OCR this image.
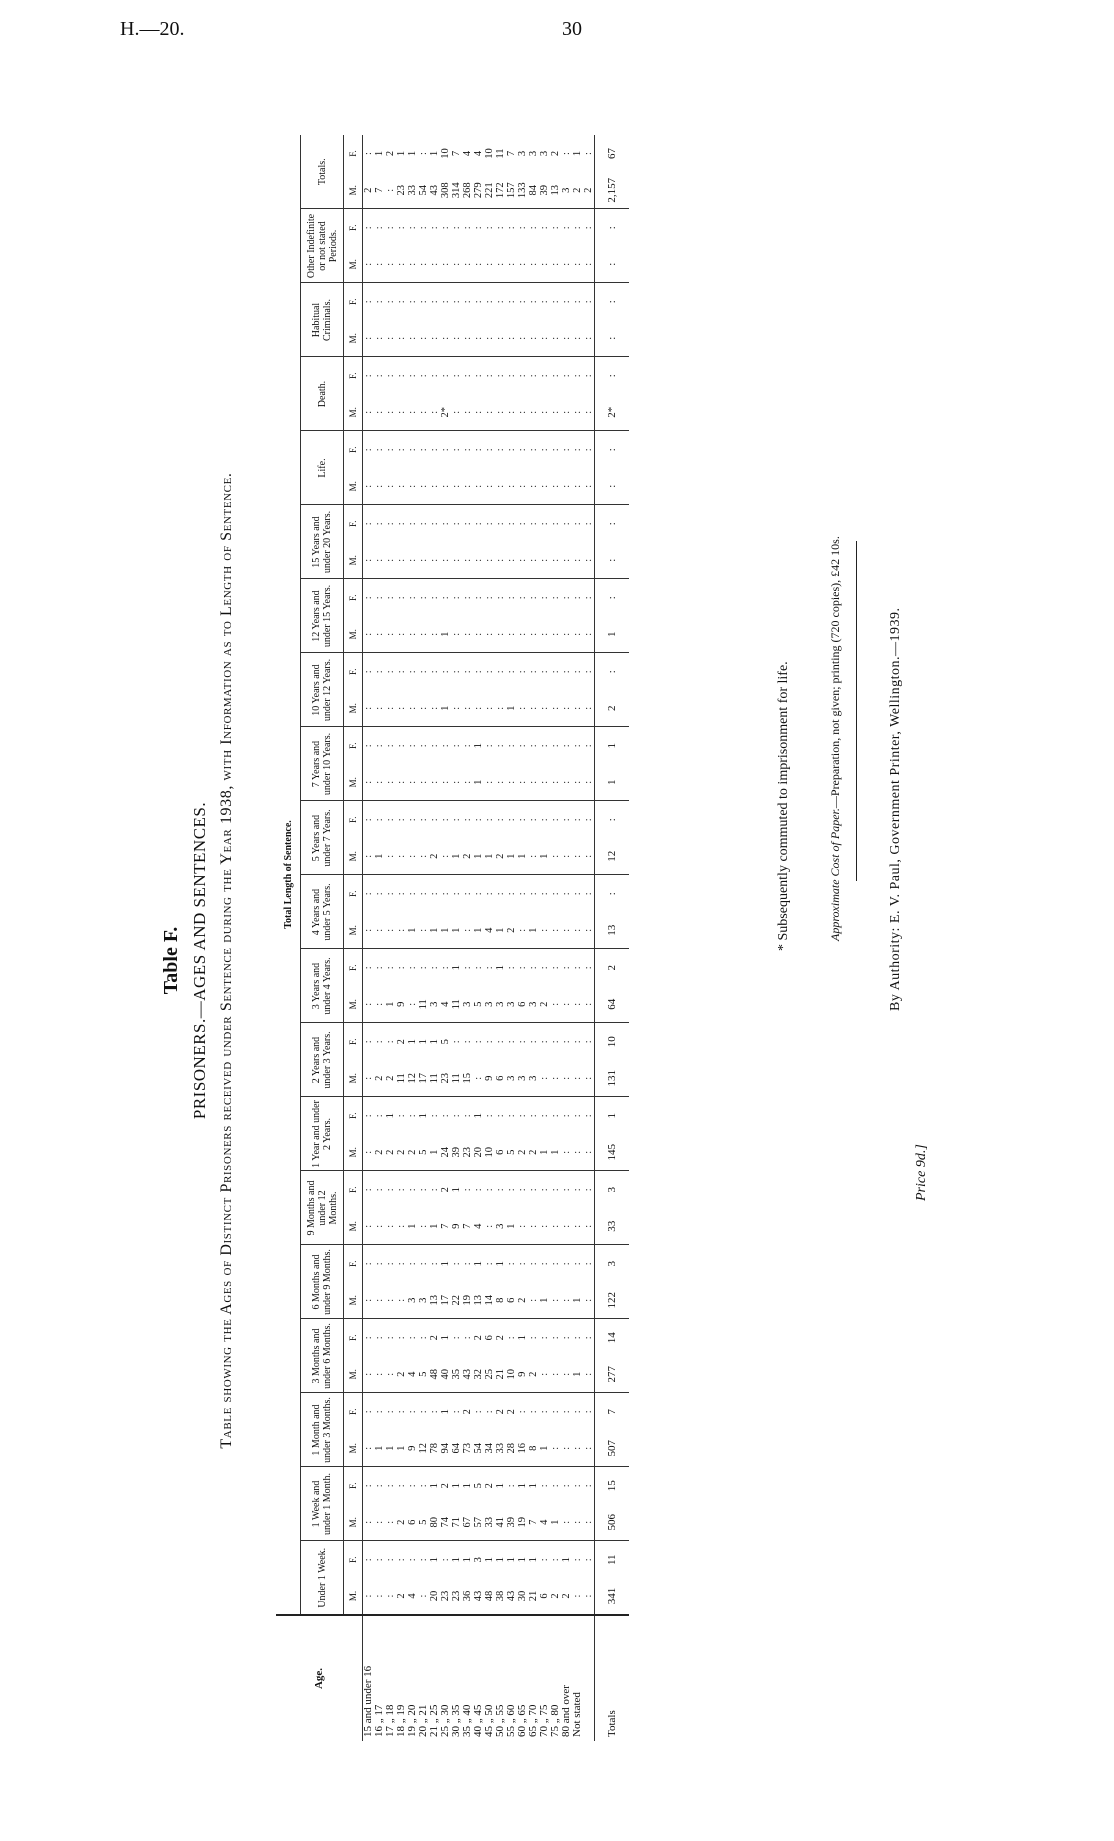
H.—20.	30
Table F. PRISONERS.—AGES AND SENTENCES. Table showing the Ages of Distinct Prisoners received under Sentence during the Year 1938, with Information as to Length of Sentence.
Age.	Total Length of Sentence.																																							
	Under 1 Week.		1 Week and under 1 Month.		1 Month and under 3 Months.		3 Months and under 6 Months.		6 Months and under 9 Months.		9 Months and under 12 Months.		1 Year and under 2 Years.		2 Years and under 3 Years.		3 Years and under 4 Years.		4 Years and under 5 Years.		5 Years and under 7 Years.		7 Years and under 10 Years.		10 Years and under 12 Years.		12 Years and under 15 Years.		15 Years and under 20 Years.		Life.		Death.		Habitual Criminals.		Other Indefinite or not stated Periods.		Totals.	
	M.	F.	M.	F.	M.	F.	M.	F.	M.	F.	M.	F.	M.	F.	M.	F.	M.	F.	M.	F.	M.	F.	M.	F.	M.	F.	M.	F.	M.	F.	M.	F.	M.	F.	M.	F.	M.	F.	M.	F.
15 and under 16	:	:	:	:	:	:	:	:	:	:	:	:	:	:	:	:	:	:	:	:	:	:	:	:	:	:	:	:	:	:	:	:	:	:	:	:	:	:	2	:
16 „ 17	:	:	:	:	1	:	:	:	:	:	:	:	2	:	2	:	:	:	:	:	1	:	:	:	:	:	:	:	:	:	:	:	:	:	:	:	:	:	7	1
17 „ 18	:	:	:	:	1	:	:	:	:	:	:	:	2	1	2	:	1	:	:	:	:	:	:	:	:	:	:	:	:	:	:	:	:	:	:	:	:	:	:	2
18 „ 19	2	:	2	:	1	:	2	:	:	:	:	:	2	:	11	2	9	:	:	:	:	:	:	:	:	:	:	:	:	:	:	:	:	:	:	:	:	:	23	1
19 „ 20	4	:	6	:	9	:	4	:	3	:	1	:	2	:	12	1	:	:	1	:	:	:	:	:	:	:	:	:	:	:	:	:	:	:	:	:	:	:	33	1
20 „ 21	:	:	5	:	12	:	5	:	3	:	:	:	5	1	17	1	11	:	:	:	:	:	:	:	:	:	:	:	:	:	:	:	:	:	:	:	:	:	54	:
21 „ 25	20	1	80	1	78	:	48	2	13	:	1	:	1	:	11	1	3	:	1	:	2	:	:	:	:	:	:	:	:	:	:	:	:	:	:	:	:	:	43	1
25 „ 30	23	:	74	2	94	1	40	1	17	1	7	2	24	:	23	5	4	:	1	:	:	:	:	:	1	:	1	:	:	:	:	:	2*	:	:	:	:	:	308	10
30 „ 35	23	1	71	1	64	:	35	:	22	:	9	1	39	:	11	:	11	1	1	:	1	:	:	:	:	:	:	:	:	:	:	:	:	:	:	:	:	:	314	7
35 „ 40	36	1	67	1	73	2	43	:	19	:	7	:	23	:	15	:	3	:	:	:	2	:	:	:	:	:	:	:	:	:	:	:	:	:	:	:	:	:	268	4
40 „ 45	43	3	57	5	54	:	32	2	13	1	4	:	20	1	:	:	5	:	1	:	1	:	1	1	:	:	:	:	:	:	:	:	:	:	:	:	:	:	279	4
45 „ 50	48	1	33	2	34	:	25	6	14	:	:	:	10	:	9	:	3	:	4	:	1	:	:	:	:	:	:	:	:	:	:	:	:	:	:	:	:	:	221	10
50 „ 55	38	1	41	1	33	2	21	2	8	1	3	:	6	:	6	:	3	1	1	:	2	:	:	:	:	:	:	:	:	:	:	:	:	:	:	:	:	:	172	11
55 „ 60	43	1	39	:	28	2	10	:	6	:	1	:	5	:	3	:	3	:	2	:	1	:	:	:	1	:	:	:	:	:	:	:	:	:	:	:	:	:	157	7
60 „ 65	30	1	19	1	16	:	9	1	2	:	:	:	2	:	3	:	6	:	:	:	1	:	:	:	:	:	:	:	:	:	:	:	:	:	:	:	:	:	133	3
65 „ 70	21	1	7	1	8	:	2	:	:	:	:	:	2	:	3	:	3	:	1	:	:	:	:	:	:	:	:	:	:	:	:	:	:	:	:	:	:	:	84	3
70 „ 75	6	:	4	:	1	:	:	:	1	:	:	:	1	:	:	:	2	:	:	:	1	:	:	:	:	:	:	:	:	:	:	:	:	:	:	:	:	:	39	3
75 „ 80	2	:	1	:	:	:	:	:	:	:	:	:	1	:	:	:	:	:	:	:	:	:	:	:	:	:	:	:	:	:	:	:	:	:	:	:	:	:	13	2
80 and over	2	1	:	:	:	:	:	:	:	:	:	:	:	:	:	:	:	:	:	:	:	:	:	:	:	:	:	:	:	:	:	:	:	:	:	:	:	:	3	:
Not stated	:	:	:	:	:	:	1	:	1	:	:	:	:	:	:	:	:	:	:	:	:	:	:	:	:	:	:	:	:	:	:	:	:	:	:	:	:	:	2	1
	:	:	:	:	:	:	:	:	:	:	:	:	:	:	:	:	:	:	:	:	:	:	:	:	:	:	:	:	:	:	:	:	:	:	:	:	:	:	2	:
Totals	341	11	506	15	507	7	277	14	122	3	33	3	145	1	131	10	64	2	13	:	12	:	1	1	2	:	1	:	:	:	:	:	2*	:	:	:	:	:	2,157	67
* Subsequently commuted to imprisonment for life.	Approximate Cost of Paper.—Preparation, not given; printing (720 copies), £42 10s.	By Authority: E. V. Paul, Government Printer, Wellington.—1939.
Price 9d.]
